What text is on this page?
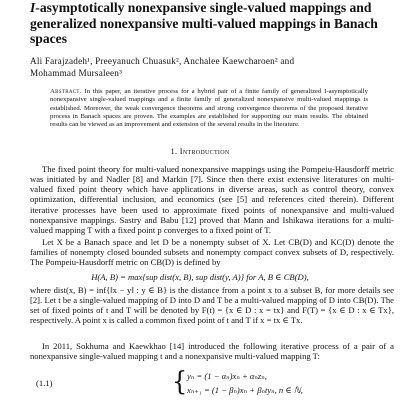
I-asymptotically nonexpansive single-valued mappings and generalized nonexpansive multi-valued mappings in Banach spaces
Ali Farajzadeh¹, Preeyanuch Chuasuk², Anchalee Kaewcharoen² and
Mohammad Mursaleen³
Abstract. In this paper, an iterative process for a hybrid pair of a finite family of generalized I-asymptotically nonexpansive single-valued mappings and a finite family of generalized nonexpansive multi-valued mappings is established. Moreover, the weak convergence theorems and strong convergence theorems of the proposed iterative process in Banach spaces are proven. The examples are established for supporting our main results. The obtained results can be viewed as an improvement and extension of the several results in the literature.
1. Introduction
The fixed point theory for multi-valued nonexpansive mappings using the Pompeiu-Hausdorff metric was initiated by and Nadler [8] and Markin [7]. Since then there exist extensive literatures on multi-valued fixed point theory which have applications in diverse areas, such as control theory, convex optimization, differential inclusion, and economics (see [5] and references cited therein). Different iterative processes have been used to approximate fixed points of nonexpansive and multi-valued nonexpansive mappings. Sastry and Babu [12] proved that Mann and Ishikawa iterations for a multi-valued mapping T with a fixed point p converges to a fixed point of T.
Let X be a Banach space and let D be a nonempty subset of X. Let CB(D) and KC(D) denote the families of nonempty closed bounded subsets and nonempty compact convex subsets of D, respectively. The Pompeiu-Hausdorff metric on CB(D) is defined by
H(A, B) = max{sup dist(x, B), sup dist(y, A)} for A, B ∈ CB(D),
where dist(x, B) = inf{‖x − y‖ : y ∈ B} is the distance from a point x to a subset B, for more details see [2]. Let t be a single-valued mapping of D into D and T be a multi-valued mapping of D into CB(D). The set of fixed points of t and T will be denoted by F(t) = {x ∈ D : x = tx} and F(T) = {x ∈ D : x ∈ Tx}, respectively. A point x is called a common fixed point of t and T if x = tx ∈ Tx.
In 2011, Sokhuma and Kaewkhao [14] introduced the following iterative process of a pair of a nonexpansive single-valued mapping t and a nonexpansive multi-valued mapping T:
(1.1)	{ yₙ = (1 − αₙ)xₙ + αₙzₙ,
xₙ₊₁ = (1 − βₙ)xₙ + βₙtyₙ, n ∈ ℕ,
